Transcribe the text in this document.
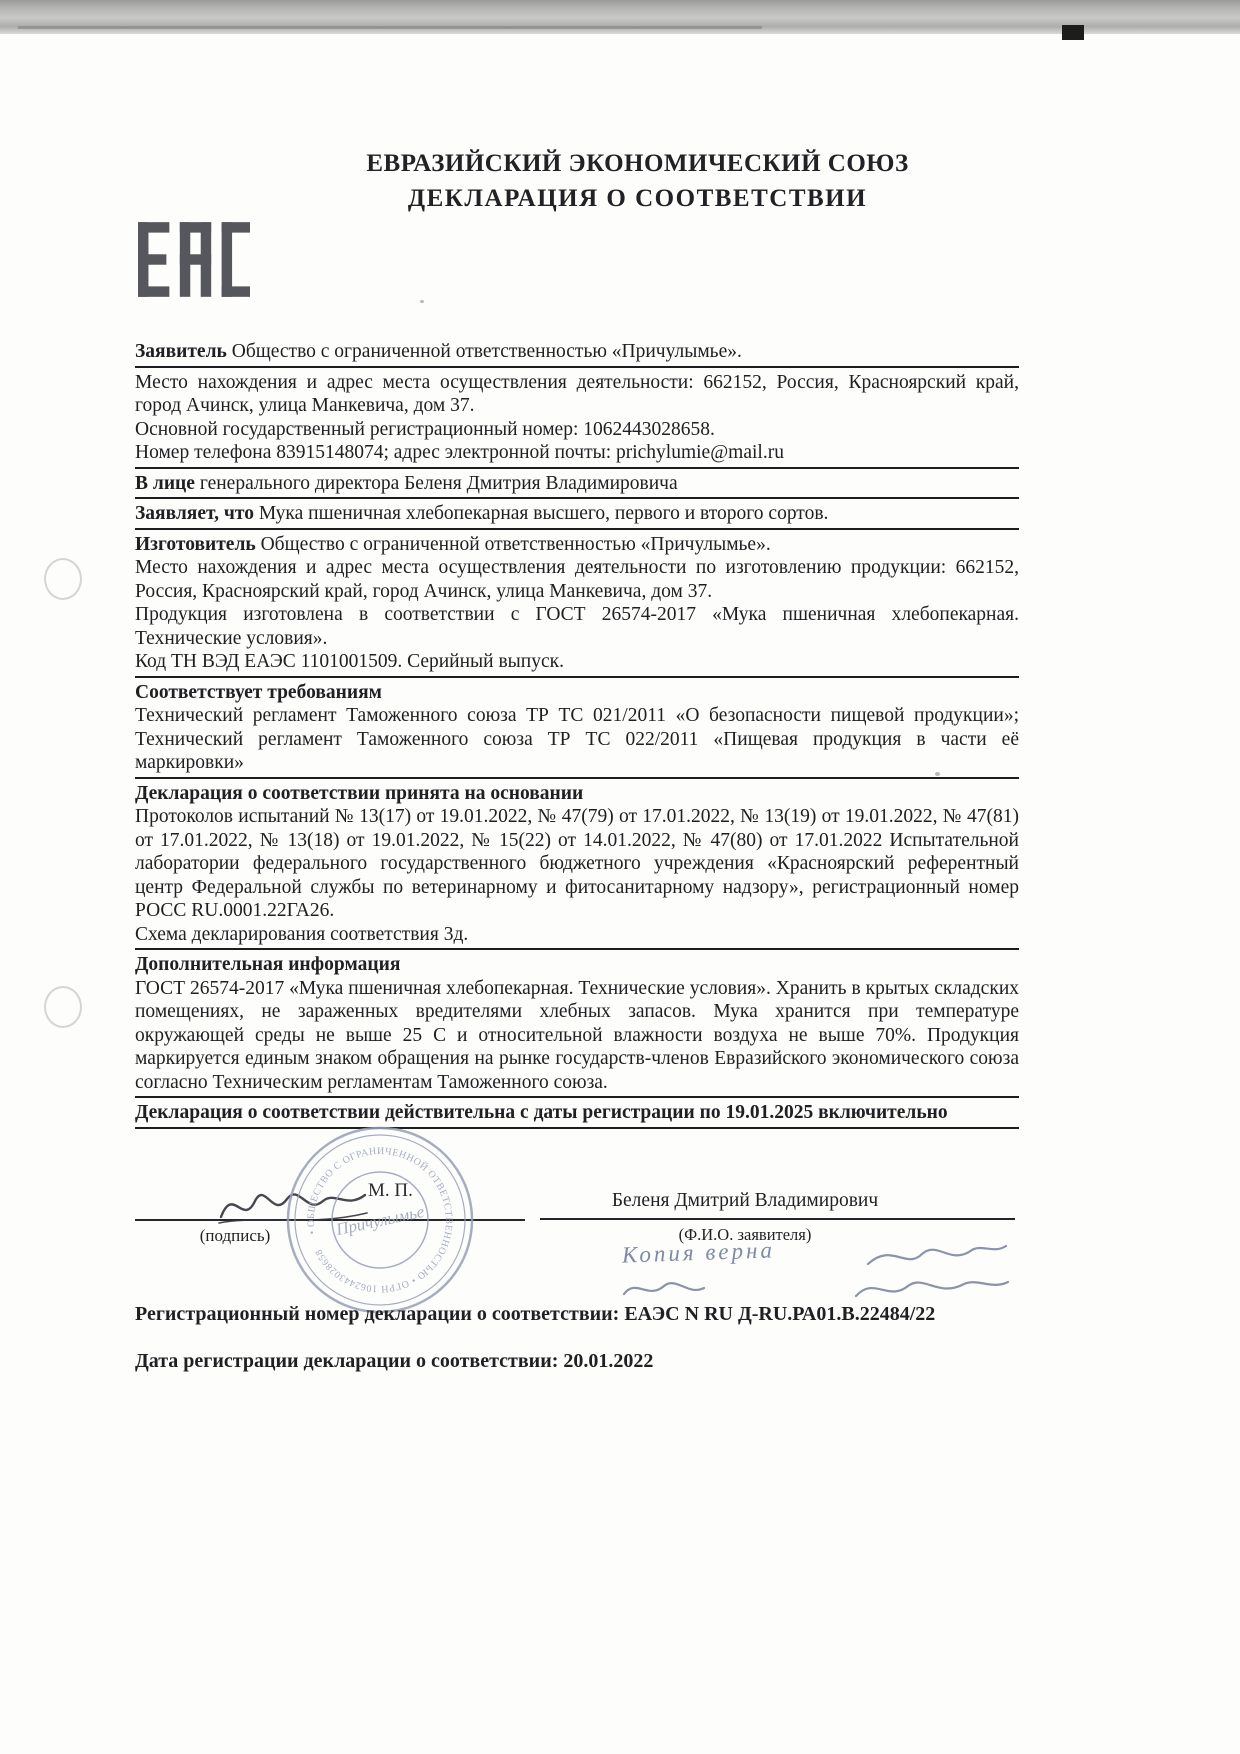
ЕВРАЗИЙСКИЙ ЭКОНОМИЧЕСКИЙ СОЮЗ
ДЕКЛАРАЦИЯ О СООТВЕТСТВИИ

Заявитель Общество с ограниченной ответственностью «Причулымье».

Место нахождения и адрес места осуществления деятельности: 662152, Россия, Красноярский край, город Ачинск, улица Манкевича, дом 37.

Основной государственный регистрационный номер: 1062443028658.

Номер телефона 83915148074; адрес электронной почты: prichylumie@mail.ru

В лице генерального директора Беленя Дмитрия Владимировича

Заявляет, что Мука пшеничная хлебопекарная высшего, первого и второго сортов.

Изготовитель Общество с ограниченной ответственностью «Причулымье».

Место нахождения и адрес места осуществления деятельности по изготовлению продукции: 662152, Россия, Красноярский край, город Ачинск, улица Манкевича, дом 37.

Продукция изготовлена в соответствии с ГОСТ 26574-2017 «Мука пшеничная хлебопекарная. Технические условия».

Код ТН ВЭД ЕАЭС 1101001509. Серийный выпуск.

Соответствует требованиям

Технический регламент Таможенного союза ТР ТС 021/2011 «О безопасности пищевой продукции»; Технический регламент Таможенного союза ТР ТС 022/2011 «Пищевая продукция в части её маркировки»

Декларация о соответствии принята на основании

Протоколов испытаний № 13(17) от 19.01.2022, № 47(79) от 17.01.2022, № 13(19) от 19.01.2022, № 47(81) от 17.01.2022, № 13(18) от 19.01.2022, № 15(22) от 14.01.2022, № 47(80) от 17.01.2022 Испытательной лаборатории федерального государственного бюджетного учреждения «Красноярский референтный центр Федеральной службы по ветеринарному и фитосанитарному надзору», регистрационный номер РОСС RU.0001.22ГА26.

Схема декларирования соответствия 3д.

Дополнительная информация

ГОСТ 26574-2017 «Мука пшеничная хлебопекарная. Технические условия». Хранить в крытых складских помещениях, не зараженных вредителями хлебных запасов. Мука хранится при температуре окружающей среды не выше 25 С и относительной влажности воздуха не выше 70%. Продукция маркируется единым знаком обращения на рынке государств-членов Евразийского экономического союза согласно Техническим регламентам Таможенного союза.

Декларация о соответствии действительна с даты регистрации по 19.01.2025 включительно

• ОБЩЕСТВО С ОГРАНИЧЕННОЙ ОТВЕТСТВЕННОСТЬЮ • ОГРН 1062443028658
Причулымье
М. П.
(подпись)
Беленя Дмитрий Владимирович
(Ф.И.О. заявителя)
Копия верна
Регистрационный номер декларации о соответствии: ЕАЭС N RU Д-RU.РА01.В.22484/22
Дата регистрации декларации о соответствии: 20.01.2022
